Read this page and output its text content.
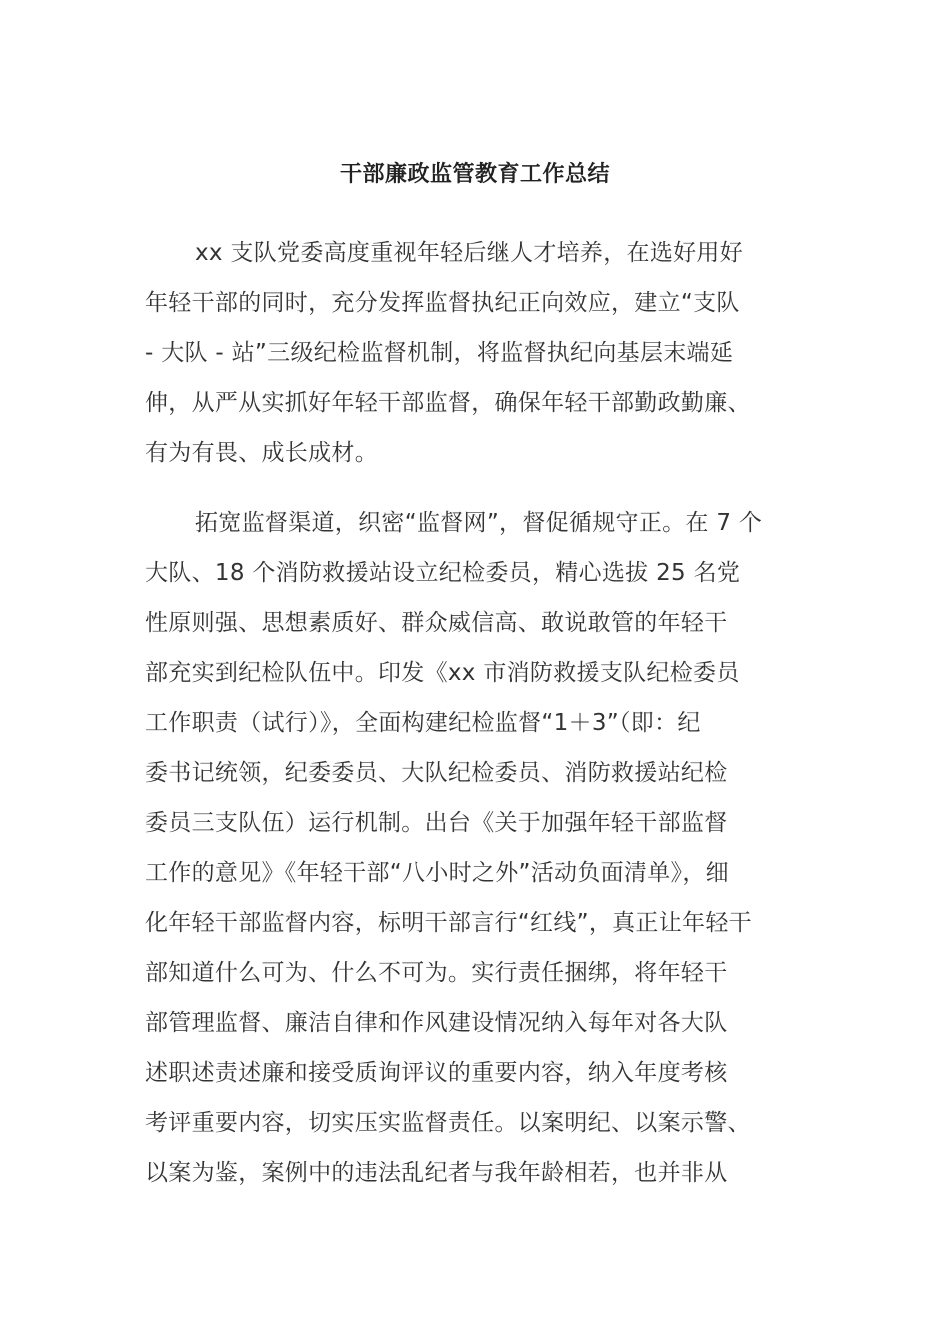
干部廉政监管教育工作总结
xx 支队党委高度重视年轻后继人才培养，在选好用好
年轻干部的同时，充分发挥监督执纪正向效应，建立“支队
- 大队 - 站”三级纪检监督机制，将监督执纪向基层末端延
伸，从严从实抓好年轻干部监督，确保年轻干部勤政勤廉、
有为有畏、成长成材。
拓宽监督渠道，织密“监督网”，督促循规守正。在 7 个
大队、18 个消防救援站设立纪检委员，精心选拔 25 名党
性原则强、思想素质好、群众威信高、敢说敢管的年轻干
部充实到纪检队伍中。印发《xx 市消防救援支队纪检委员
工作职责（试行）》，全面构建纪检监督“1＋3”（即：纪
委书记统领，纪委委员、大队纪检委员、消防救援站纪检
委员三支队伍）运行机制。出台《关于加强年轻干部监督
工作的意见》《年轻干部“八小时之外”活动负面清单》，细
化年轻干部监督内容，标明干部言行“红线”，真正让年轻干
部知道什么可为、什么不可为。实行责任捆绑，将年轻干
部管理监督、廉洁自律和作风建设情况纳入每年对各大队
述职述责述廉和接受质询评议的重要内容，纳入年度考核
考评重要内容，切实压实监督责任。以案明纪、以案示警、
以案为鉴，案例中的违法乱纪者与我年龄相若，也并非从
